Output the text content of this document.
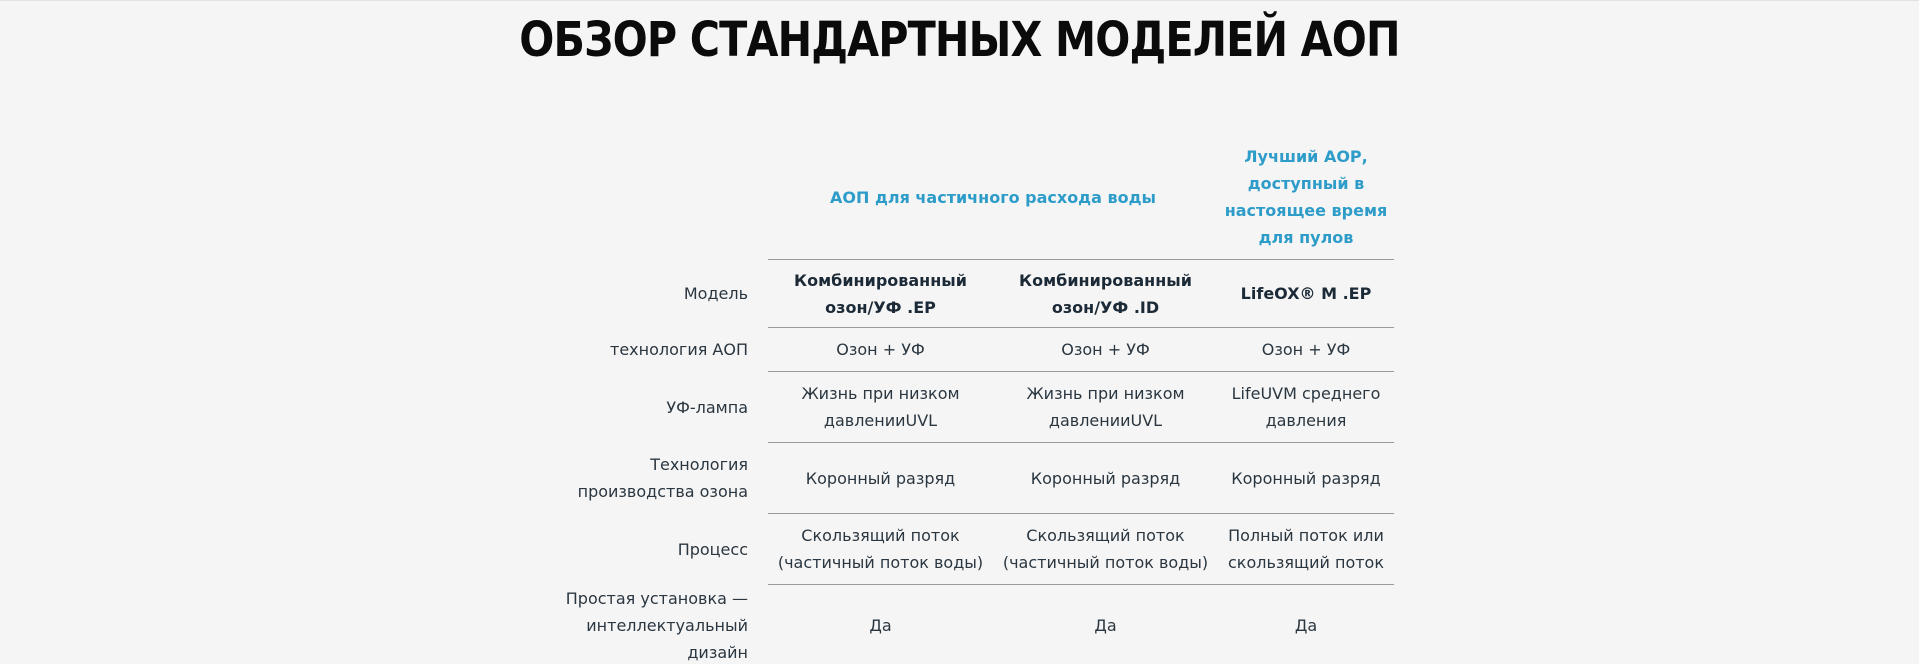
ОБЗОР СТАНДАРТНЫХ МОДЕЛЕЙ АОП
	АОП для частичного расхода воды		Лучший АОР, доступный в настоящее время для пулов
Модель	Комбинированный озон/УФ .EP	Комбинированный озон/УФ .ID	LifeOX® M .EP
технология АОП	Озон + УФ	Озон + УФ	Озон + УФ
УФ-лампа	Жизнь при низком давленииUVL	Жизнь при низком давленииUVL	LifeUVM среднего давления
Технология производства озона	Коронный разряд	Коронный разряд	Коронный разряд
Процесс	Скользящий поток (частичный поток воды)	Скользящий поток (частичный поток воды)	Полный поток или скользящий поток
Простая установка — интеллектуальный дизайн	Да	Да	Да
